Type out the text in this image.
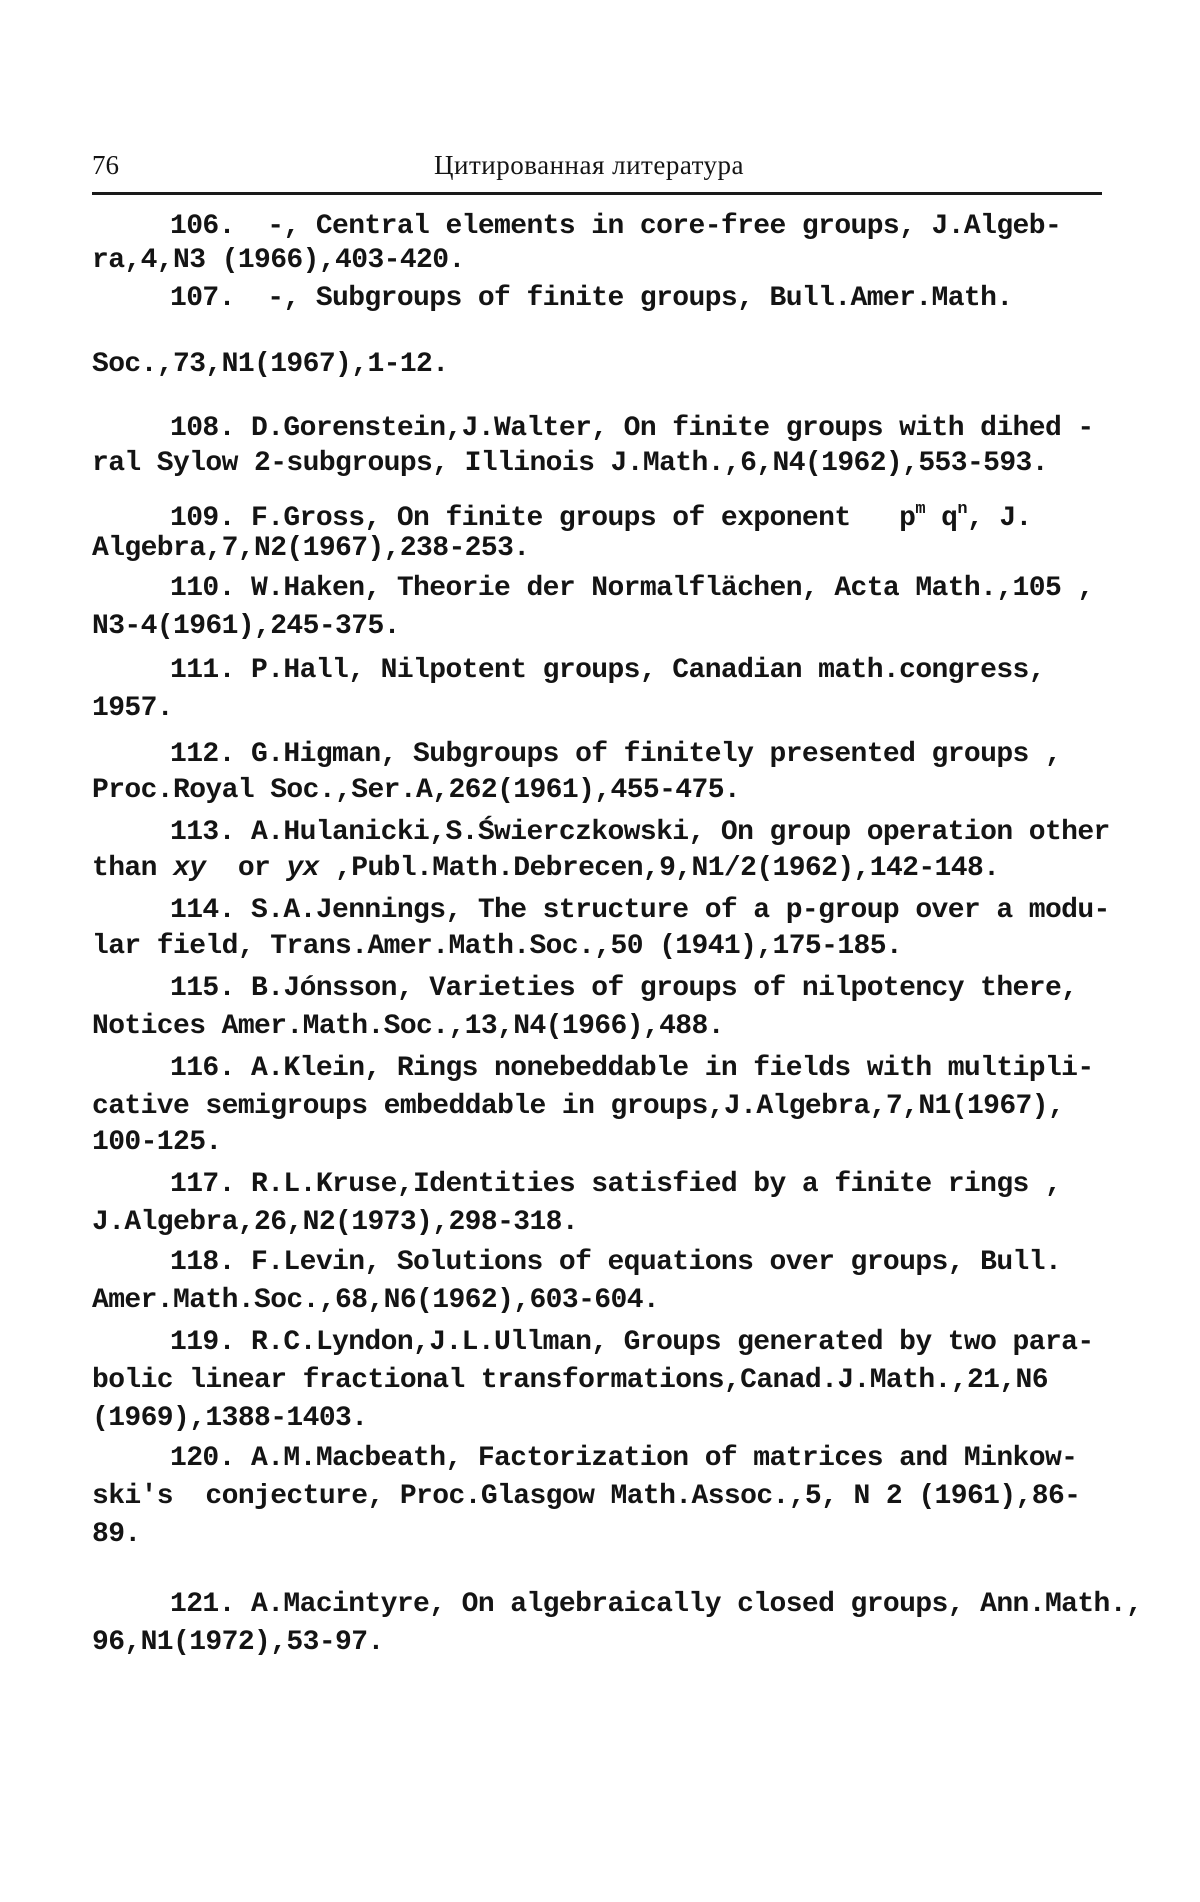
76	Цитированная литература
106.  -, Central elements in core-free groups, J.Algeb-
ra,4,N3 (1966),403-420.
107.  -, Subgroups of finite groups, Bull.Amer.Math.
Soc.,73,N1(1967),1-12.
108. D.Gorenstein,J.Walter, On finite groups with dihed -
ral Sylow 2-subgroups, Illinois J.Math.,6,N4(1962),553-593.
109. F.Gross, On finite groups of exponent $p^m$ $q^n$, J.
Algebra,7,N2(1967),238-253.
110. W.Haken, Theorie der Normalflächen, Acta Math.,105 ,
N3-4(1961),245-375.
111. P.Hall, Nilpotent groups, Canadian math.congress,
1957.
112. G.Higman, Subgroups of finitely presented groups ,
Proc.Royal Soc.,Ser.A,262(1961),455-475.
113. A.Hulanicki,S.Świerczkowski, On group operation other
than xy or yx ,Publ.Math.Debrecen,9,N1/2(1962),142-148.
114. S.A.Jennings, The structure of a p-group over a modu-
lar field, Trans.Amer.Math.Soc.,50 (1941),175-185.
115. B.Jónsson, Varieties of groups of nilpotency there,
Notices Amer.Math.Soc.,13,N4(1966),488.
116. A.Klein, Rings nonebeddable in fields with multipli-
cative semigroups embeddable in groups,J.Algebra,7,N1(1967),
100-125.
117. R.L.Kruse,Identities satisfied by a finite rings ,
J.Algebra,26,N2(1973),298-318.
118. F.Levin, Solutions of equations over groups, Bull.
Amer.Math.Soc.,68,N6(1962),603-604.
119. R.C.Lyndon,J.L.Ullman, Groups generated by two para-
bolic linear fractional transformations,Canad.J.Math.,21,N6
(1969),1388-1403.
120. A.M.Macbeath, Factorization of matrices and Minkow-
ski's  conjecture, Proc.Glasgow Math.Assoc.,5, N 2 (1961),86-
89.
121. A.Macintyre, On algebraically closed groups, Ann.Math.,
96,N1(1972),53-97.
